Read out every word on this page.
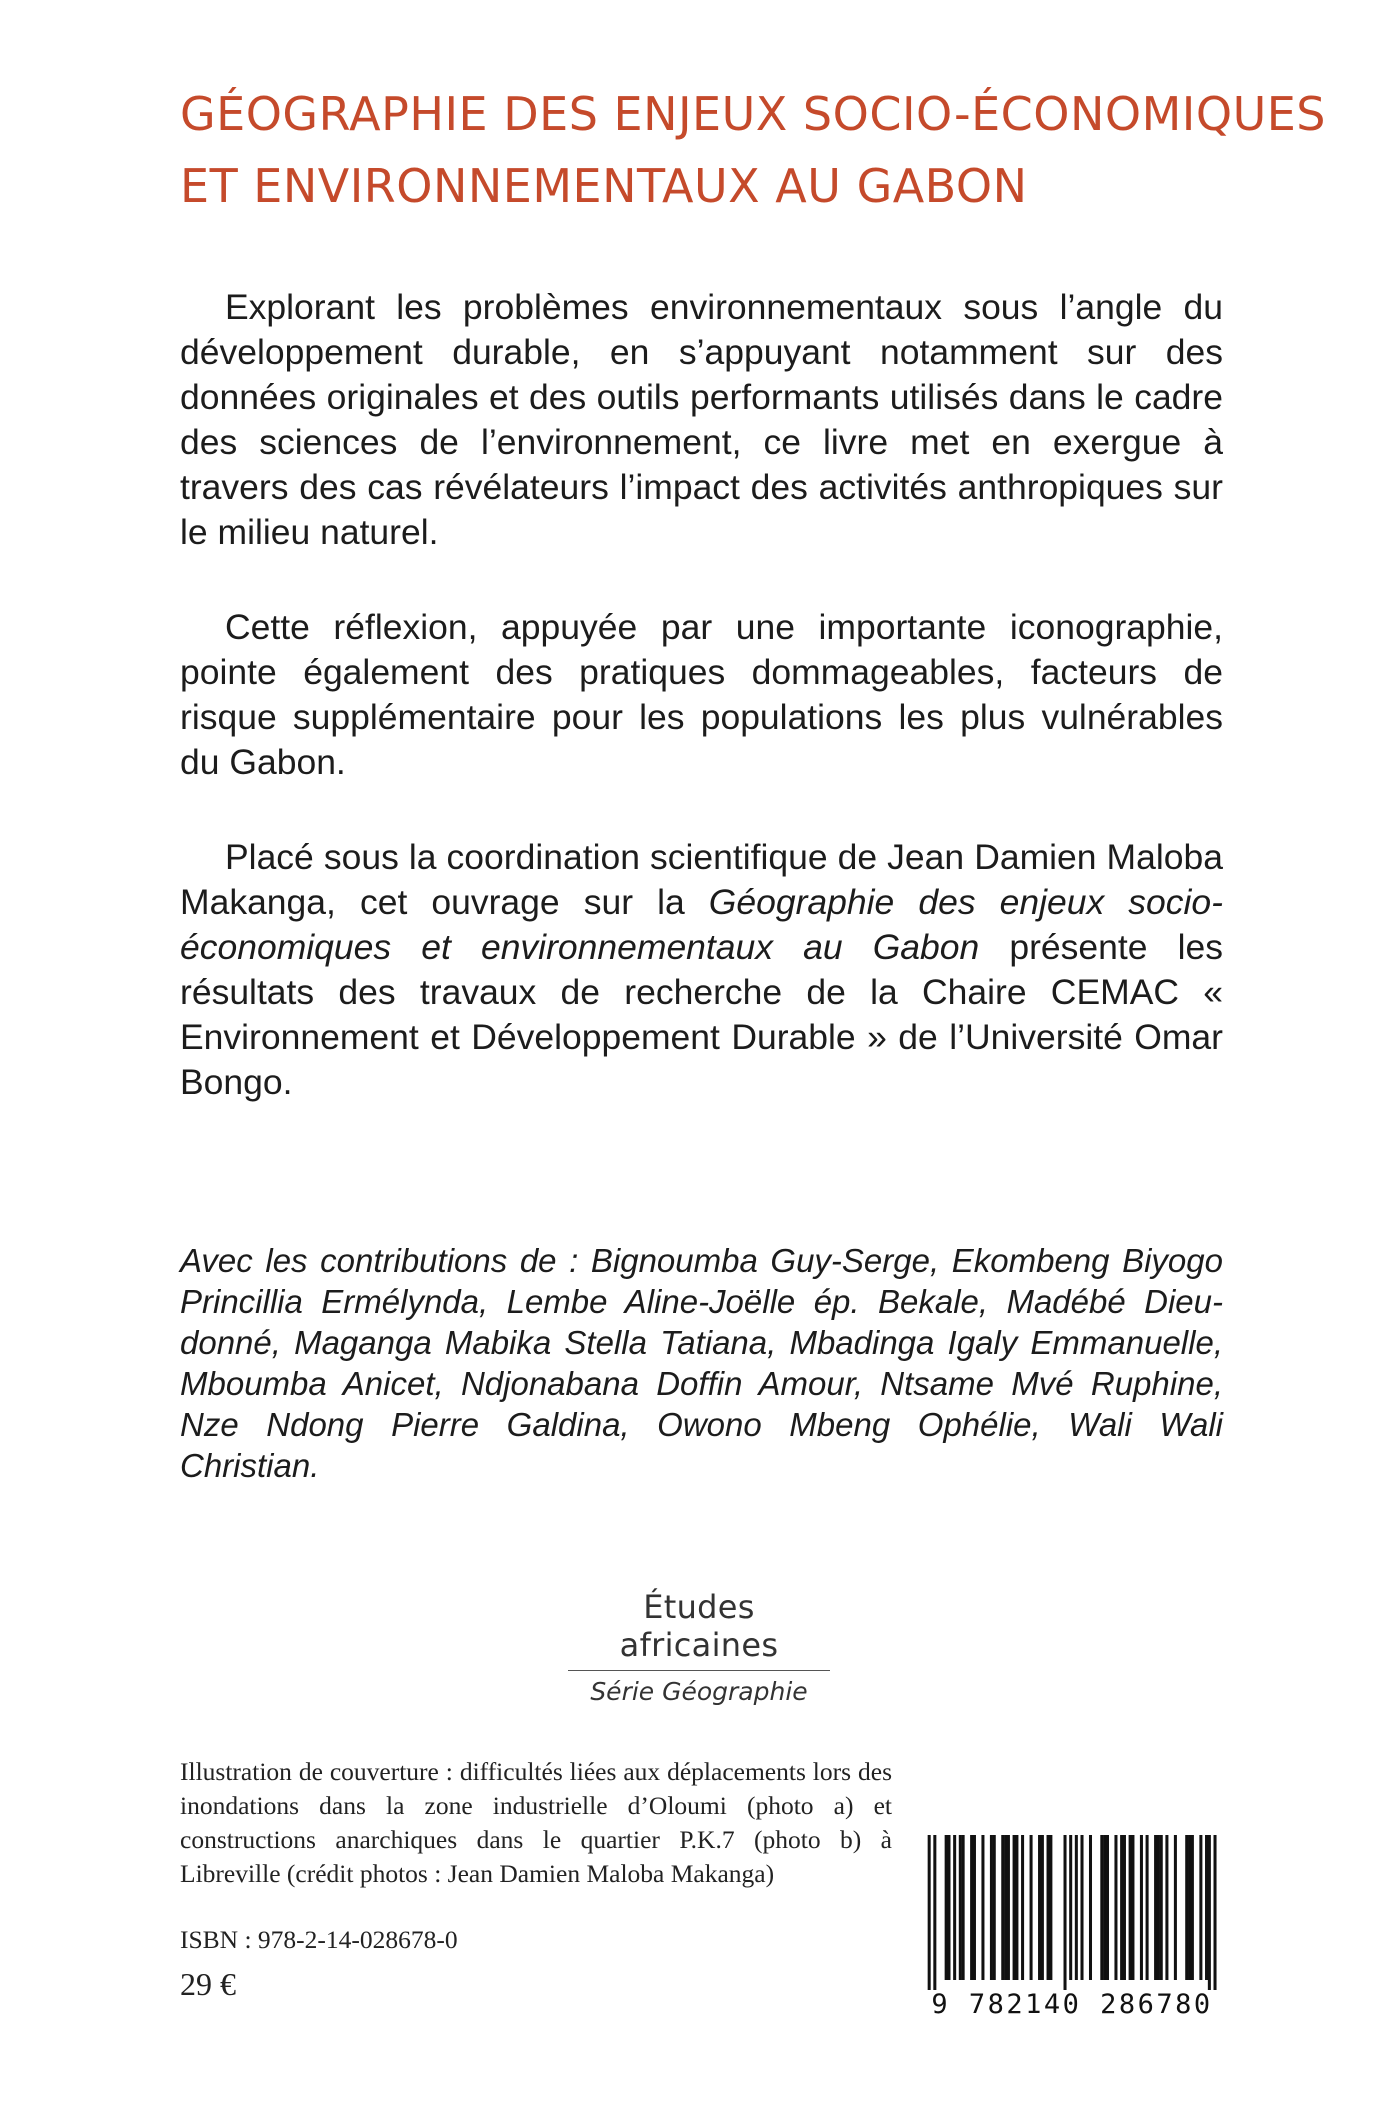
GÉOGRAPHIE DES ENJEUX SOCIO-ÉCONOMIQUES
ET ENVIRONNEMENTAUX AU GABON

Explorant les problèmes environnementaux sous l’angle du développement durable, en s’appuyant notamment sur des données originales et des outils performants utilisés dans le cadre des sciences de l’environnement, ce livre met en exergue à travers des cas révélateurs l’impact des activités anthropiques sur le milieu naturel.

Cette réflexion, appuyée par une importante iconographie, pointe également des pratiques dommageables, facteurs de risque supplémentaire pour les populations les plus vulnérables du Gabon.

Placé sous la coordination scientifique de Jean Damien Maloba Makanga, cet ouvrage sur la Géographie des enjeux socio-économiques et environnementaux au Gabon présente les résultats des travaux de recherche de la Chaire CEMAC « Environnement et Développement Durable » de l’Université Omar Bongo.

Avec les contributions de : Bignoumba Guy-Serge, Ekombeng Biyogo Princillia Ermélynda, Lembe Aline-Joëlle ép. Bekale, Madébé Dieu-donné, Maganga Mabika Stella Tatiana, Mbadinga Igaly Emmanuelle, Mboumba Anicet, Ndjonabana Doffin Amour, Ntsame Mvé Ruphine, Nze Ndong Pierre Galdina, Owono Mbeng Ophélie, Wali Wali Christian.

Études africaines
Série Géographie

Illustration de couverture : difficultés liées aux déplacements lors des inondations dans la zone industrielle d’Oloumi (photo a) et constructions anarchiques dans le quartier P.K.7 (photo b) à Libreville (crédit photos : Jean Damien Maloba Makanga)

ISBN : 978-2-14-028678-0
29 €
9 782140 286780
